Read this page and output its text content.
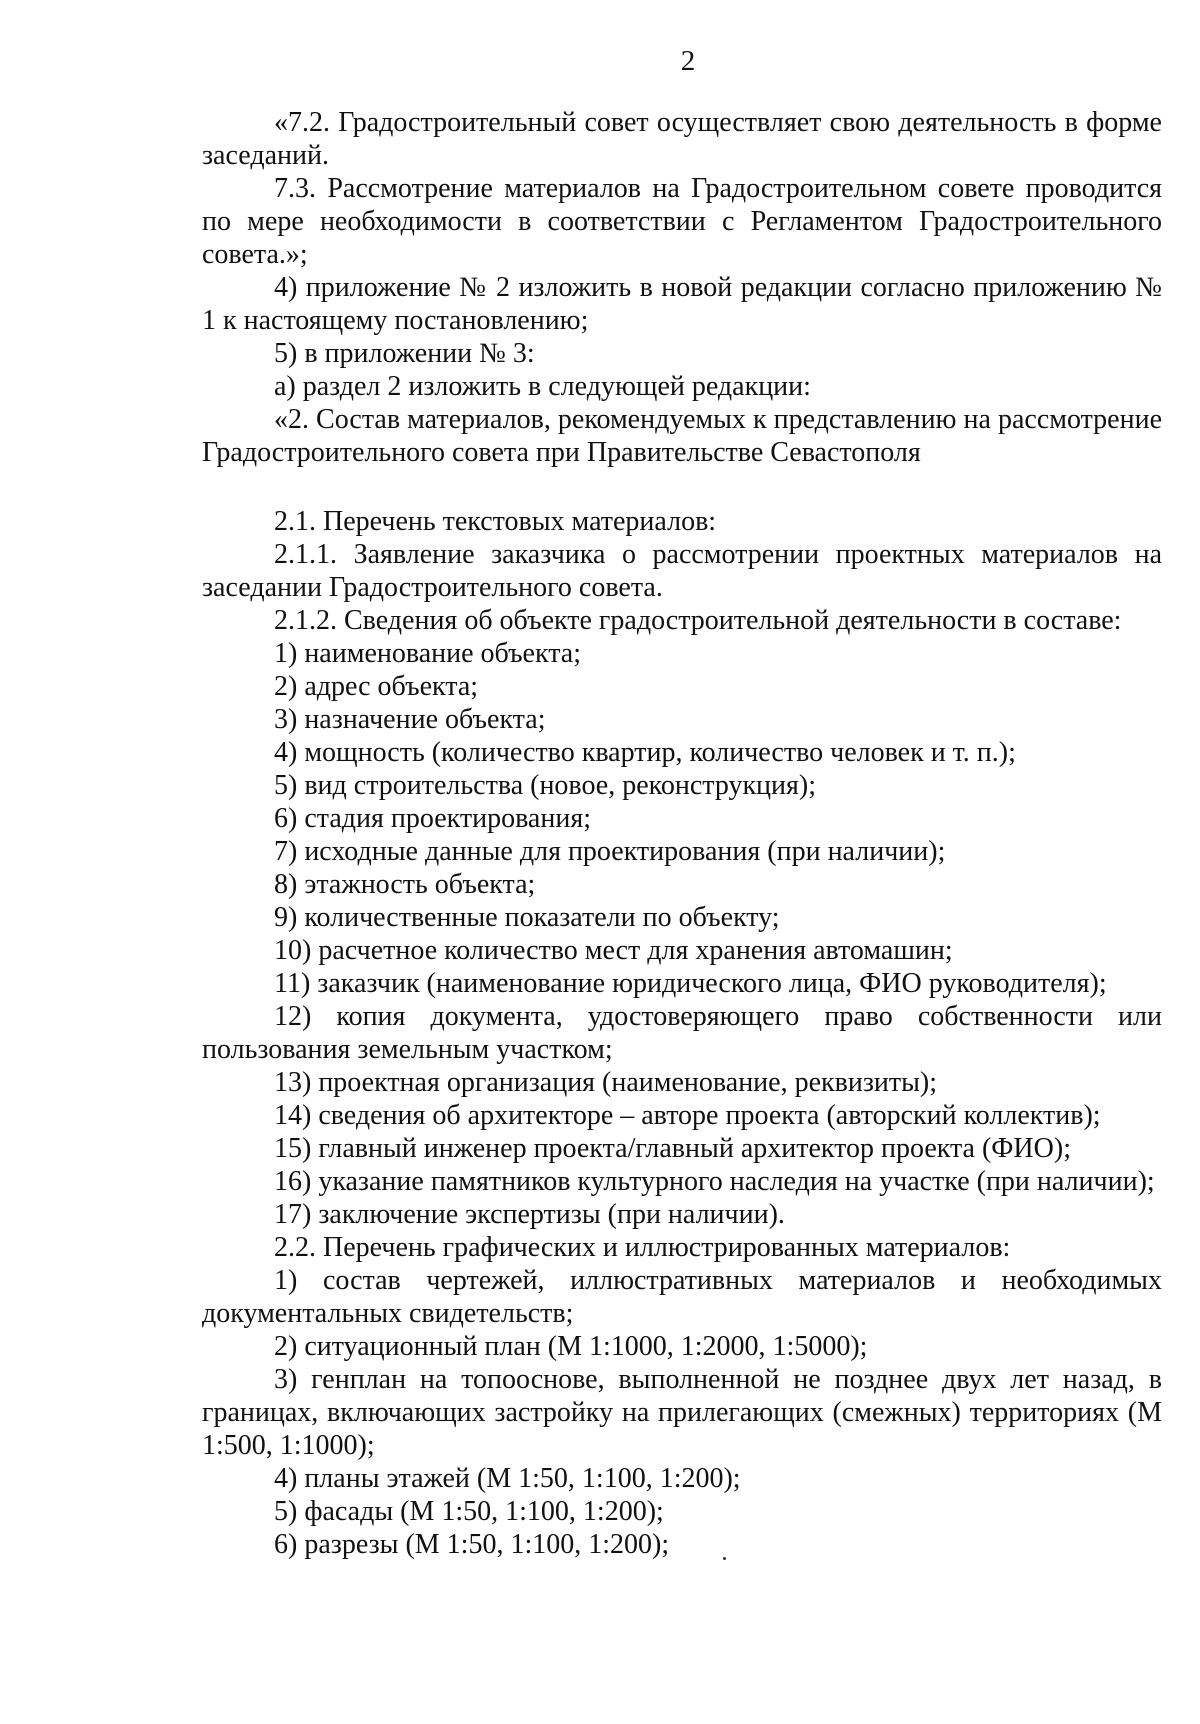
2

«7.2. Градостроительный совет осуществляет свою деятельность в форме заседаний.

7.3. Рассмотрение материалов на Градостроительном совете проводится по мере необходимости в соответствии с Регламентом Градостроительного совета.»;

4) приложение № 2 изложить в новой редакции согласно приложению № 1 к настоящему постановлению;

5) в приложении № 3:

а) раздел 2 изложить в следующей редакции:

«2. Состав материалов, рекомендуемых к представлению на рассмотрение Градостроительного совета при Правительстве Севастополя

2.1. Перечень текстовых материалов:

2.1.1. Заявление заказчика о рассмотрении проектных материалов на заседании Градостроительного совета.

2.1.2. Сведения об объекте градостроительной деятельности в составе:

1) наименование объекта;

2) адрес объекта;

3) назначение объекта;

4) мощность (количество квартир, количество человек и т. п.);

5) вид строительства (новое, реконструкция);

6) стадия проектирования;

7) исходные данные для проектирования (при наличии);

8) этажность объекта;

9) количественные показатели по объекту;

10) расчетное количество мест для хранения автомашин;

11) заказчик (наименование юридического лица, ФИО руководителя);

12) копия документа, удостоверяющего право собственности или пользования земельным участком;

13) проектная организация (наименование, реквизиты);

14) сведения об архитекторе – авторе проекта (авторский коллектив);

15) главный инженер проекта/главный архитектор проекта (ФИО);

16) указание памятников культурного наследия на участке (при наличии);

17) заключение экспертизы (при наличии).

2.2. Перечень графических и иллюстрированных материалов:

1) состав чертежей, иллюстративных материалов и необходимых документальных свидетельств;

2) ситуационный план (М 1:1000, 1:2000, 1:5000);

3) генплан на топооснове, выполненной не позднее двух лет назад, в границах, включающих застройку на прилегающих (смежных) территориях (М 1:500, 1:1000);

4) планы этажей (М 1:50, 1:100, 1:200);

5) фасады (М 1:50, 1:100, 1:200);

6) разрезы (М 1:50, 1:100, 1:200);
